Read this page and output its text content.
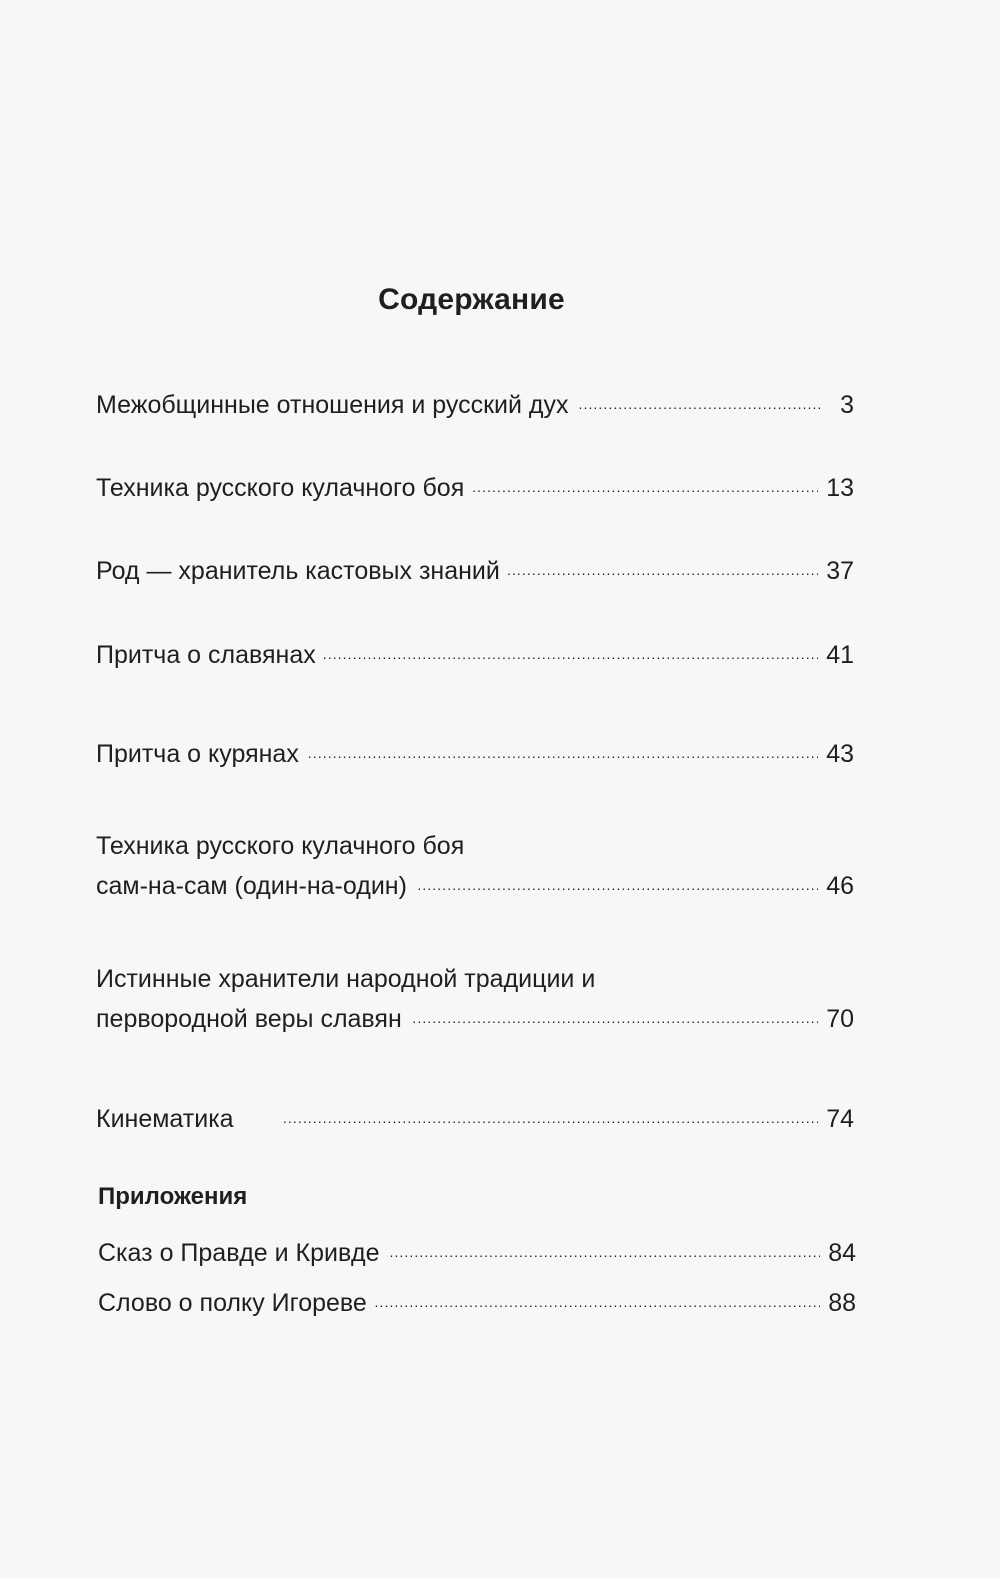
Содержание
Межобщинные отношения и русский дух . . .	3
Техника русского кулачного боя . . .	13
Род — хранитель кастовых знаний . . .	37
Притча о славянах . . .	41
Притча о курянах . . .	43
Техника русского кулачного боя
сам-на-сам (один-на-один) . . .	46
Истинные хранители народной традиции и
первородной веры славян . . .	70
Кинематика . . .	74
Приложения
Сказ о Правде и Кривде . . .	84
Слово о полку Игореве . . .	88
